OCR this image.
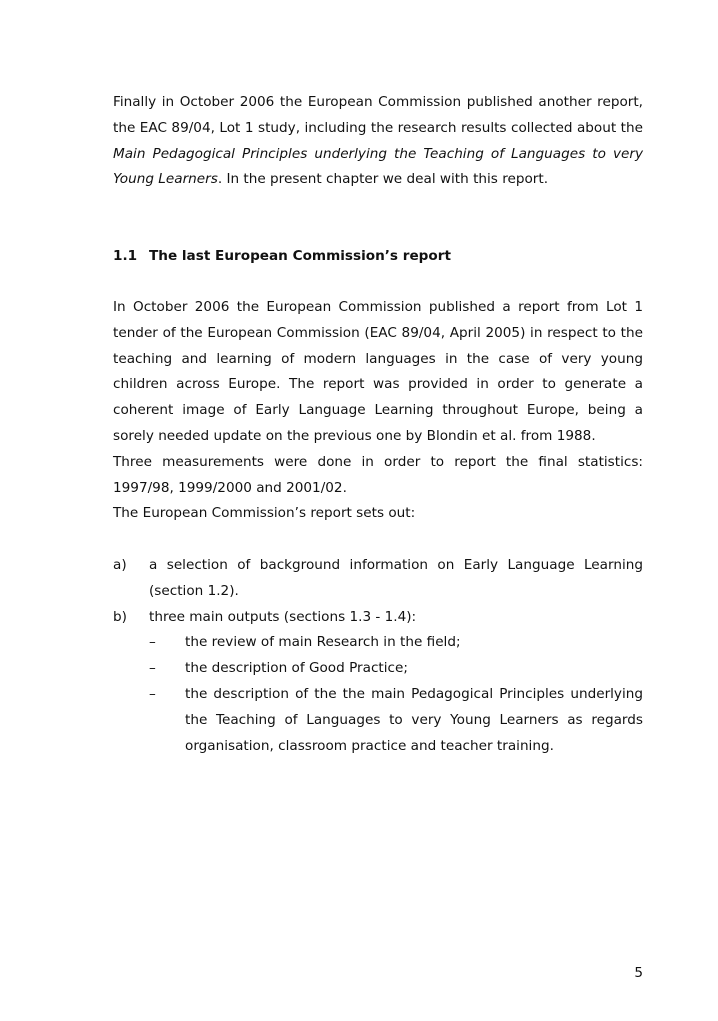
Finally in October 2006 the European Commission published another report, the EAC 89/04, Lot 1 study, including the research results collected about the Main Pedagogical Principles underlying the Teaching of Languages to very Young Learners. In the present chapter we deal with this report.

1.1 The last European Commission’s report

In October 2006 the European Commission published a report from Lot 1 tender of the European Commission (EAC 89/04, April 2005) in respect to the teaching and learning of modern languages in the case of very young children across Europe. The report was provided in order to generate a coherent image of Early Language Learning throughout Europe, being a sorely needed update on the previous one by Blondin et al. from 1988.

Three measurements were done in order to report the final statistics: 1997/98, 1999/2000 and 2001/02.

The European Commission’s report sets out:

a)	a selection of background information on Early Language Learning (section 1.2).
b)	three main outputs (sections 1.3 - 1.4):
–	the review of main Research in the field;
–	the description of Good Practice;
–	the description of the the main Pedagogical Principles underlying the Teaching of Languages to very Young Learners as regards organisation, classroom practice and teacher training.
5
